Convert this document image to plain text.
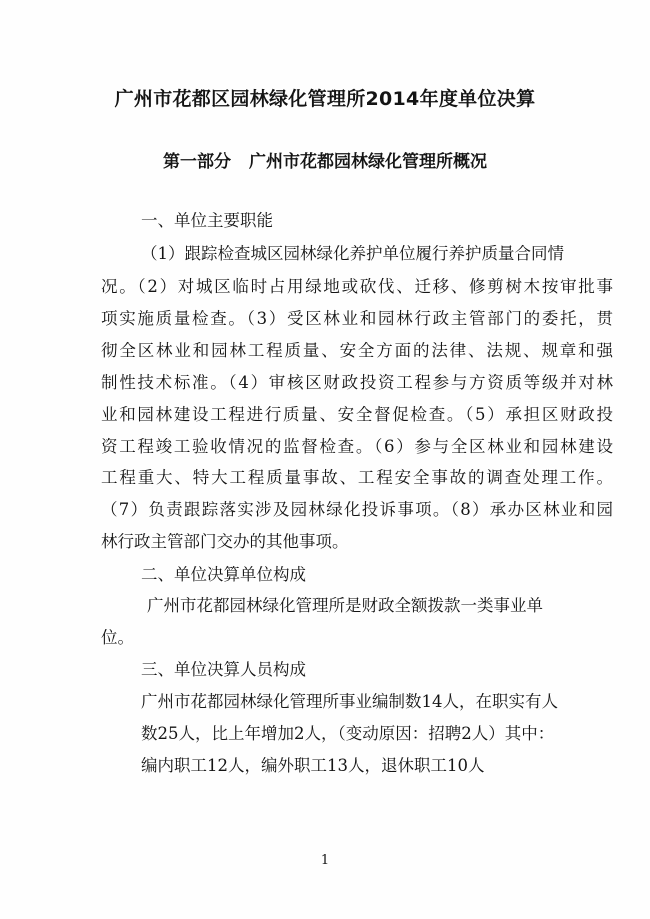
广州市花都区园林绿化管理所2014年度单位决算
第一部分 广州市花都园林绿化管理所概况
一、单位主要职能
（1）跟踪检查城区园林绿化养护单位履行养护质量合同情
况。（2）对城区临时占用绿地或砍伐、迁移、修剪树木按审批事
项实施质量检查。（3）受区林业和园林行政主管部门的委托，贯
彻全区林业和园林工程质量、安全方面的法律、法规、规章和强
制性技术标准。（4）审核区财政投资工程参与方资质等级并对林
业和园林建设工程进行质量、安全督促检查。（5）承担区财政投
资工程竣工验收情况的监督检查。（6）参与全区林业和园林建设
工程重大、特大工程质量事故、工程安全事故的调查处理工作。
（7）负责跟踪落实涉及园林绿化投诉事项。（8）承办区林业和园
林行政主管部门交办的其他事项。
二、单位决算单位构成
广州市花都园林绿化管理所是财政全额拨款一类事业单
位。
三、单位决算人员构成
广州市花都园林绿化管理所事业编制数14人，在职实有人
数25人，比上年增加2人，（变动原因：招聘2人）其中：
编内职工12人，编外职工13人，退休职工10人
1
